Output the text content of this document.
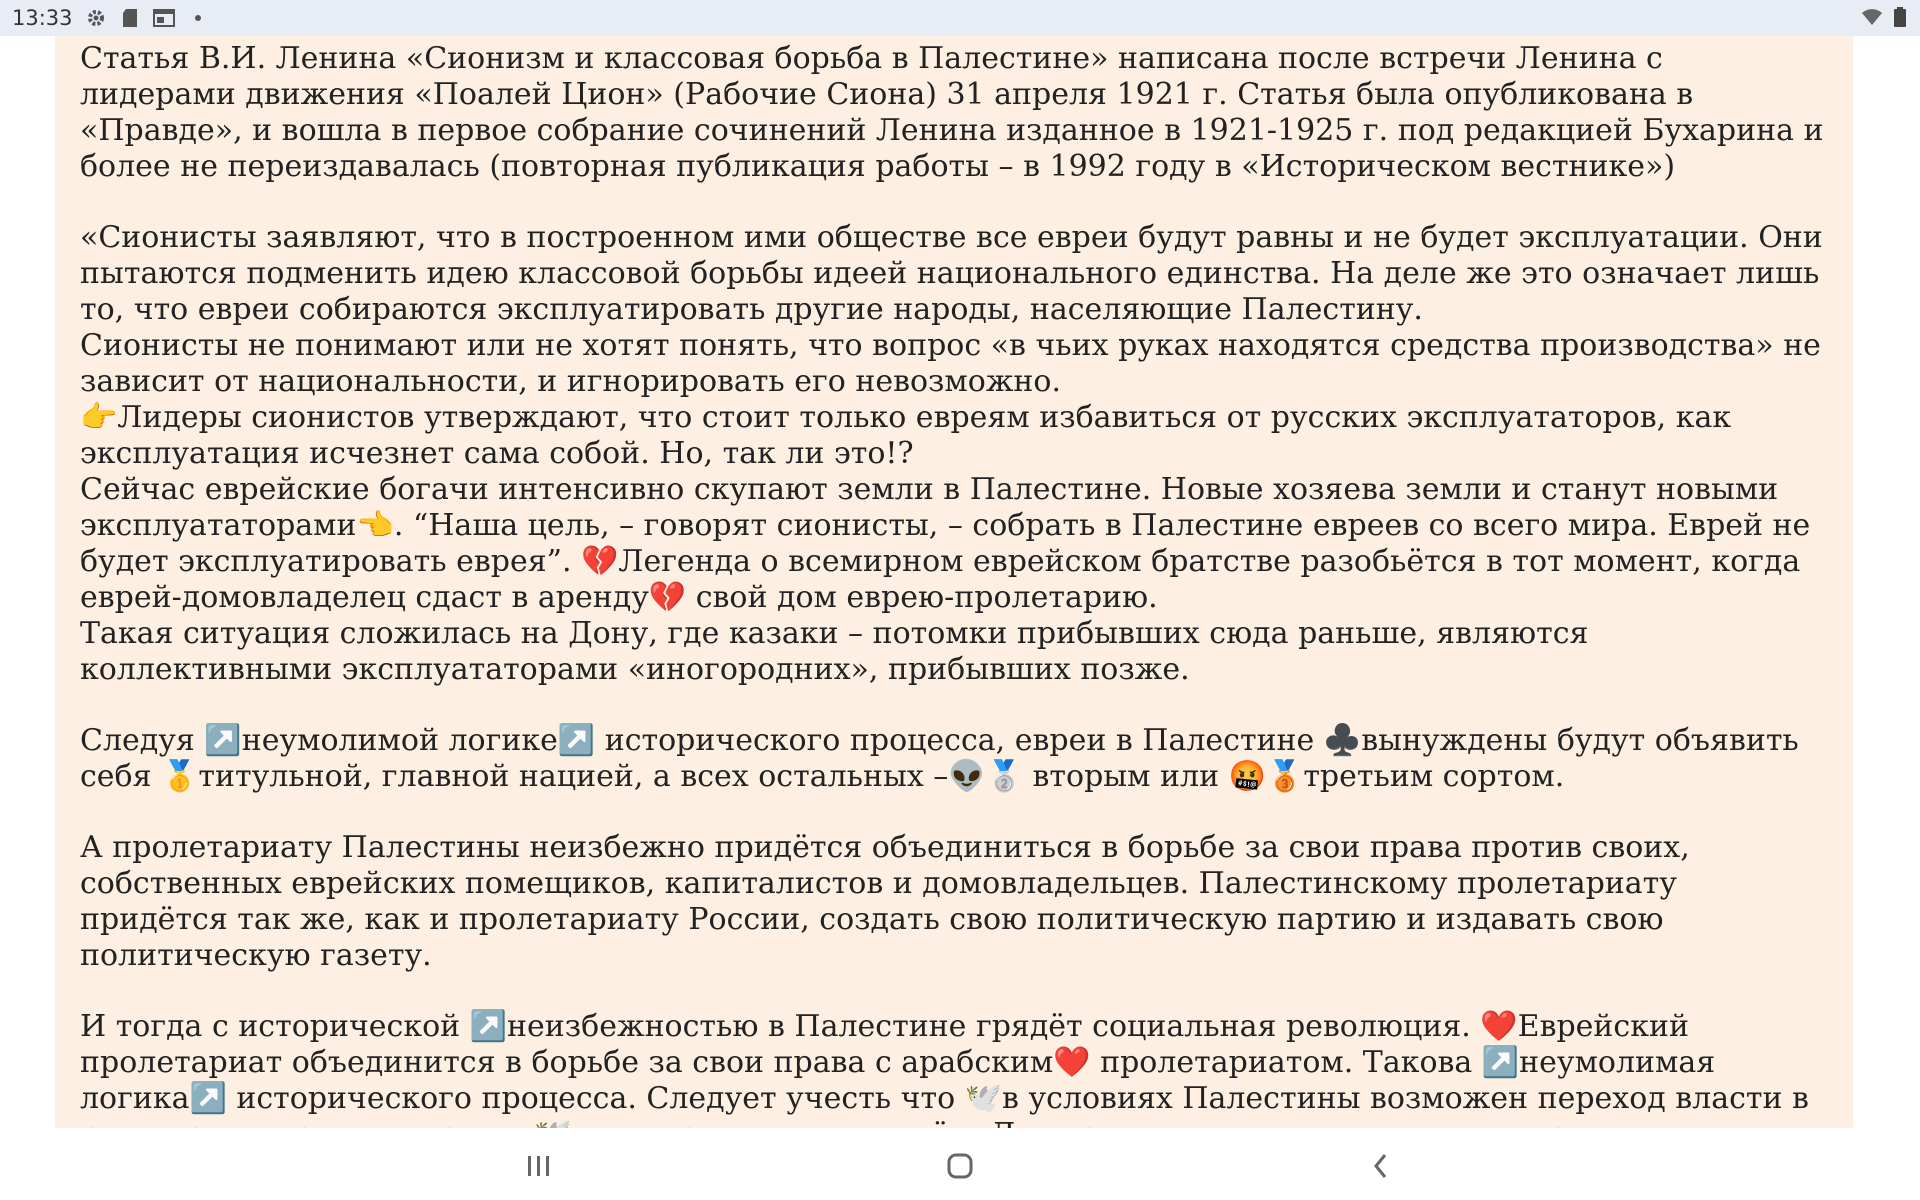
13:33

Статья В.И. Ленина «Сионизм и классовая борьба в Палестине» написана после встречи Ленина с лидерами движения «Поалей Цион» (Рабочие Сиона) 31 апреля 1921 г. Статья была опубликована в «Правде», и вошла в первое собрание сочинений Ленина изданное в 1921-1925 г. под редакцией Бухарина и более не переиздавалась (повторная публикация работы – в 1992 году в «Историческом вестнике»)

«Сионисты заявляют, что в построенном ими обществе все евреи будут равны и не будет эксплуатации. Они пытаются подменить идею классовой борьбы идеей национального единства. На деле же это означает лишь то, что евреи собираются эксплуатировать другие народы, населяющие Палестину.
Сионисты не понимают или не хотят понять, что вопрос «в чьих руках находятся средства производства» не зависит от национальности, и игнорировать его невозможно.
👉Лидеры сионистов утверждают, что стоит только евреям избавиться от русских эксплуататоров, как эксплуатация исчезнет сама собой. Но, так ли это!?
Сейчас еврейские богачи интенсивно скупают земли в Палестине. Новые хозяева земли и станут новыми эксплуататорами👈. “Наша цель, – говорят сионисты, – собрать в Палестине евреев со всего мира. Еврей не будет эксплуатировать еврея”. 💔Легенда о всемирном еврейском братстве разобьётся в тот момент, когда еврей-домовладелец сдаст в аренду💔 свой дом еврею-пролетарию.
Такая ситуация сложилась на Дону, где казаки – потомки прибывших сюда раньше, являются коллективными эксплуататорами «иногородних», прибывших позже.

Следуя ↗️неумолимой логике↗️ исторического процесса, евреи в Палестине ♣️вынуждены будут объявить себя 🥇титульной, главной нацией, а всех остальных –👽🥈 вторым или 🤬🥉третьим сортом.

А пролетариату Палестины неизбежно придётся объединиться в борьбе за свои права против своих, собственных еврейских помещиков, капиталистов и домовладельцев. Палестинскому пролетариату придётся так же, как и пролетариату России, создать свою политическую партию и издавать свою политическую газету.

И тогда с исторической ↗️неизбежностью в Палестине грядёт социальная революция. ❤️Еврейский пролетариат объединится в борьбе за свои права с арабским❤️ пролетариатом. Такова ↗️неумолимая логика↗️ исторического процесса. Следует учесть что 🕊️в условиях Палестины возможен переход власти в
